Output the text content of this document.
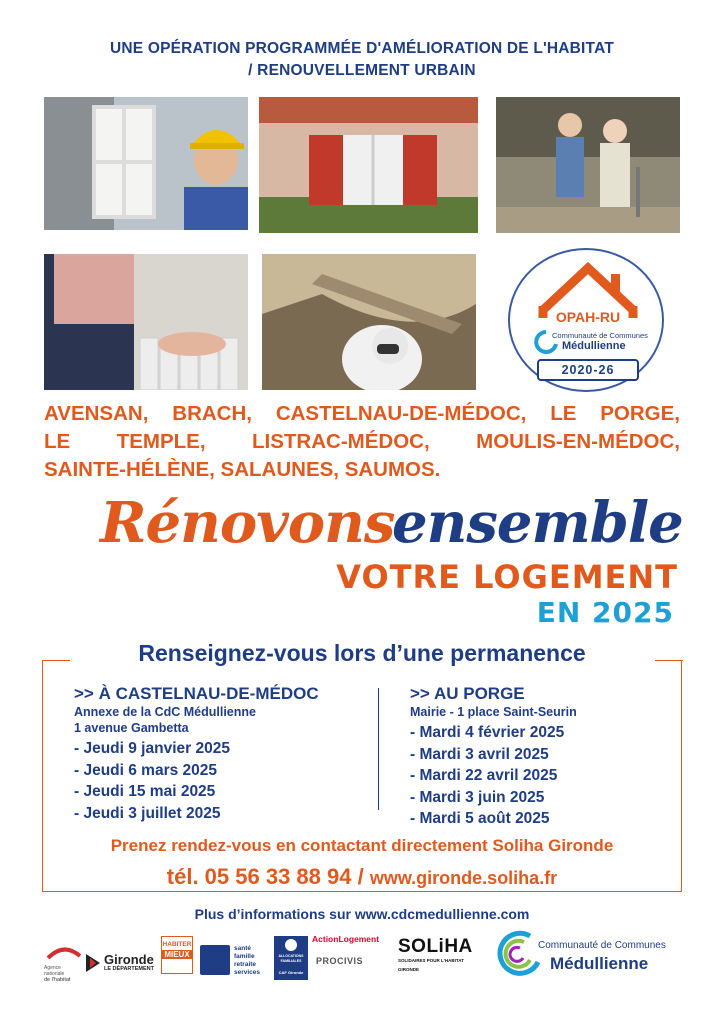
UNE OPÉRATION PROGRAMMÉE D'AMÉLIORATION DE L'HABITAT
/ RENOUVELLEMENT URBAIN
OPAH-RU
Communauté de Communes
Médullienne
2020-26
AVENSAN, BRACH, CASTELNAU-DE-MÉDOC, LE PORGE,
LE TEMPLE, LISTRAC-MÉDOC, MOULIS-EN-MÉDOC,
SAINTE-HÉLÈNE, SALAUNES, SAUMOS.
Rénovons
ensemble
VOTRE LOGEMENT
EN 2025
Renseignez-vous lors d’une permanence
>> À CASTELNAU-DE-MÉDOC
Annexe de la CdC Médullienne
1 avenue Gambetta
- Jeudi 9 janvier 2025
- Jeudi 6 mars 2025
- Jeudi 15 mai 2025
- Jeudi 3 juillet 2025
>> AU PORGE
Mairie - 1 place Saint-Seurin
- Mardi 4 février 2025
- Mardi 3 avril 2025
- Mardi 22 avril 2025
- Mardi 3 juin 2025
- Mardi 5 août 2025
Prenez rendez-vous en contactant directement Soliha Gironde
tél. 05 56 33 88 94 / www.gironde.soliha.fr
Plus d’informations sur www.cdcmedullienne.com
Agence
nationale
de l'habitat
Gironde
LE DÉPARTEMENT
HABITER
MIEUX
santé
famille
retraite
services
ALLOCATIONS
FAMILIALES
CAF Gironde
ActionLogement
PROCIVIS
SOLiHA
SOLIDAIRES POUR L'HABITAT
GIRONDE
Communauté de Communes
Médullienne
